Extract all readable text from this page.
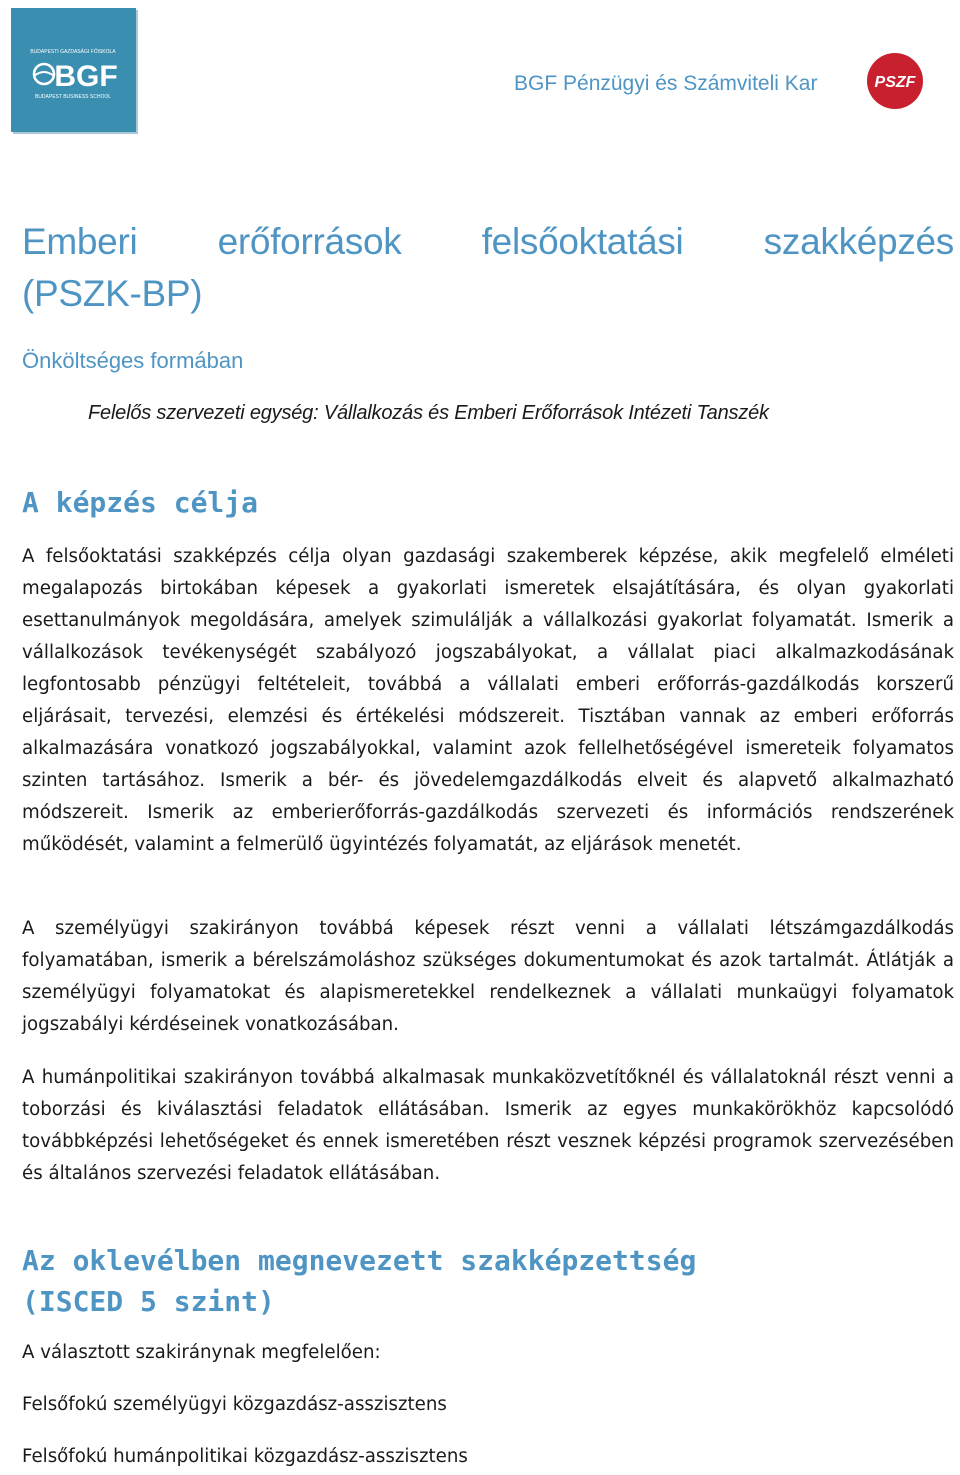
BUDAPESTI GAZDASÁGI FŐISKOLA
BGF
BUDAPEST BUSINESS SCHOOL
BGF Pénzügyi és Számviteli Kar	PSZF
Emberi erőforrások felsőoktatási szakképzés
(PSZK-BP)
Önköltséges formában
Felelős szervezeti egység: Vállalkozás és Emberi Erőforrások Intézeti Tanszék
A képzés célja
A felsőoktatási szakképzés célja olyan gazdasági szakemberek képzése, akik megfelelő elméleti megalapozás birtokában képesek a gyakorlati ismeretek elsajátítására, és olyan gyakorlati esettanulmányok megoldására, amelyek szimulálják a vállalkozási gyakorlat folyamatát. Ismerik a vállalkozások tevékenységét szabályozó jogszabályokat, a vállalat piaci alkalmazkodásának legfontosabb pénzügyi feltételeit, továbbá a vállalati emberi erőforrás-gazdálkodás korszerű eljárásait, tervezési, elemzési és értékelési módszereit. Tisztában vannak az emberi erőforrás alkalmazására vonatkozó jogszabályokkal, valamint azok fellelhetőségével ismereteik folyamatos szinten tartásához. Ismerik a bér- és jövedelemgazdálkodás elveit és alapvető alkalmazható módszereit. Ismerik az emberierőforrás-gazdálkodás szervezeti és információs rendszerének működését, valamint a felmerülő ügyintézés folyamatát, az eljárások menetét.
A személyügyi szakirányon továbbá képesek részt venni a vállalati létszámgazdálkodás folyamatában, ismerik a bérelszámoláshoz szükséges dokumentumokat és azok tartalmát. Átlátják a személyügyi folyamatokat és alapismeretekkel rendelkeznek a vállalati munkaügyi folyamatok jogszabályi kérdéseinek vonatkozásában.
A humánpolitikai szakirányon továbbá alkalmasak munkaközvetítőknél és vállalatoknál részt venni a toborzási és kiválasztási feladatok ellátásában. Ismerik az egyes munkakörökhöz kapcsolódó továbbképzési lehetőségeket és ennek ismeretében részt vesznek képzési programok szervezésében és általános szervezési feladatok ellátásában.
Az oklevélben megnevezett szakképzettség
(ISCED 5 szint)
A választott szakiránynak megfelelően:
Felsőfokú személyügyi közgazdász-asszisztens
Felsőfokú humánpolitikai közgazdász-asszisztens
